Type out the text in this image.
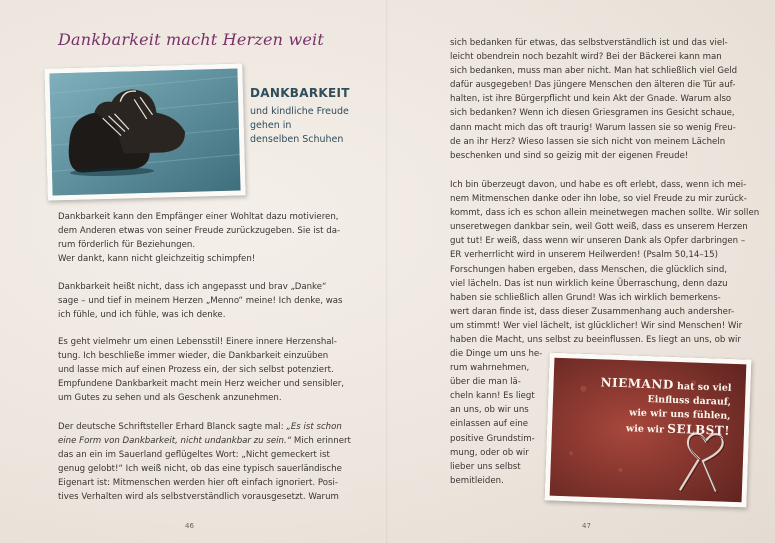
Dankbarkeit macht Herzen weit
DANKBARKEIT
und kindliche Freude
gehen in
denselben Schuhen
Dankbarkeit kann den Empfänger einer Wohltat dazu motivieren,
dem Anderen etwas von seiner Freude zurückzugeben. Sie ist da-
rum förderlich für Beziehungen.
Wer dankt, kann nicht gleichzeitig schimpfen!
Dankbarkeit heißt nicht, dass ich angepasst und brav „Danke“
sage – und tief in meinem Herzen „Menno“ meine! Ich denke, was
ich fühle, und ich fühle, was ich denke.
Es geht vielmehr um einen Lebensstil! Einere innere Herzenshal-
tung. Ich beschließe immer wieder, die Dankbarkeit einzuüben
und lasse mich auf einen Prozess ein, der sich selbst potenziert.
Empfundene Dankbarkeit macht mein Herz weicher und sensibler,
um Gutes zu sehen und als Geschenk anzunehmen.
Der deutsche Schriftsteller Erhard Blanck sagte mal: „Es ist schon
eine Form von Dankbarkeit, nicht undankbar zu sein.“ Mich erinnert
das an ein im Sauerland geflügeltes Wort: „Nicht gemeckert ist
genug gelobt!“ Ich weiß nicht, ob das eine typisch sauerländische
Eigenart ist: Mitmenschen werden hier oft einfach ignoriert. Posi-
tives Verhalten wird als selbstverständlich vorausgesetzt. Warum
46
sich bedanken für etwas, das selbstverständlich ist und das viel-
leicht obendrein noch bezahlt wird? Bei der Bäckerei kann man
sich bedanken, muss man aber nicht. Man hat schließlich viel Geld
dafür ausgegeben! Das jüngere Menschen den älteren die Tür auf-
halten, ist ihre Bürgerpflicht und kein Akt der Gnade. Warum also
sich bedanken? Wenn ich diesen Griesgramen ins Gesicht schaue,
dann macht mich das oft traurig! Warum lassen sie so wenig Freu-
de an ihr Herz? Wieso lassen sie sich nicht von meinem Lächeln
beschenken und sind so geizig mit der eigenen Freude!
Ich bin überzeugt davon, und habe es oft erlebt, dass, wenn ich mei-
nem Mitmenschen danke oder ihn lobe, so viel Freude zu mir zurück-
kommt, dass ich es schon allein meinetwegen machen sollte. Wir sollen
unseretwegen dankbar sein, weil Gott weiß, dass es unserem Herzen
gut tut! Er weiß, dass wenn wir unseren Dank als Opfer darbringen –
ER verherrlicht wird in unserem Heilwerden! (Psalm 50,14–15)
Forschungen haben ergeben, dass Menschen, die glücklich sind,
viel lächeln. Das ist nun wirklich keine Überraschung, denn dazu
haben sie schließlich allen Grund! Was ich wirklich bemerkens-
wert daran finde ist, dass dieser Zusammenhang auch andersher-
um stimmt! Wer viel lächelt, ist glücklicher! Wir sind Menschen! Wir
haben die Macht, uns selbst zu beeinflussen. Es liegt an uns, ob wir
die Dinge um uns he-
rum wahrnehmen,
über die man lä-
cheln kann! Es liegt
an uns, ob wir uns
einlassen auf eine
positive Grundstim-
mung, oder ob wir
lieber uns selbst
bemitleiden.
47
NIEMAND hat so viel
Einfluss darauf,
wie wir uns fühlen,
wie wir SELBST!
